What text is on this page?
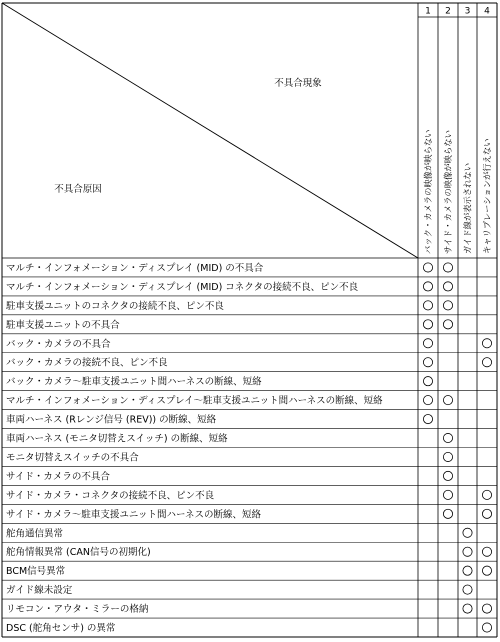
不具合現象
不具合原因
1
バック・カメラの映像が映らない
2
サイド・カメラの映像が映らない
3
ガイド線が表示されない
4
キャリブレーションが行えない
マルチ・インフォメーション・ディスプレイ (MID) の不具合
マルチ・インフォメーション・ディスプレイ (MID) コネクタの接続不良、ピン不良
駐車支援ユニットのコネクタの接続不良、ピン不良
駐車支援ユニットの不具合
バック・カメラの不具合
バック・カメラの接続不良、ピン不良
バック・カメラ～駐車支援ユニット間ハーネスの断線、短絡
マルチ・インフォメーション・ディスプレイ～駐車支援ユニット間ハーネスの断線、短絡
車両ハーネス (Rレンジ信号 (REV)) の断線、短絡
車両ハーネス (モニタ切替えスイッチ) の断線、短絡
モニタ切替えスイッチの不具合
サイド・カメラの不具合
サイド・カメラ・コネクタの接続不良、ピン不良
サイド・カメラ～駐車支援ユニット間ハーネスの断線、短絡
舵角通信異常
舵角情報異常 (CAN信号の初期化)
BCM信号異常
ガイド線未設定
リモコン・アウタ・ミラーの格納
DSC (舵角センサ) の異常
